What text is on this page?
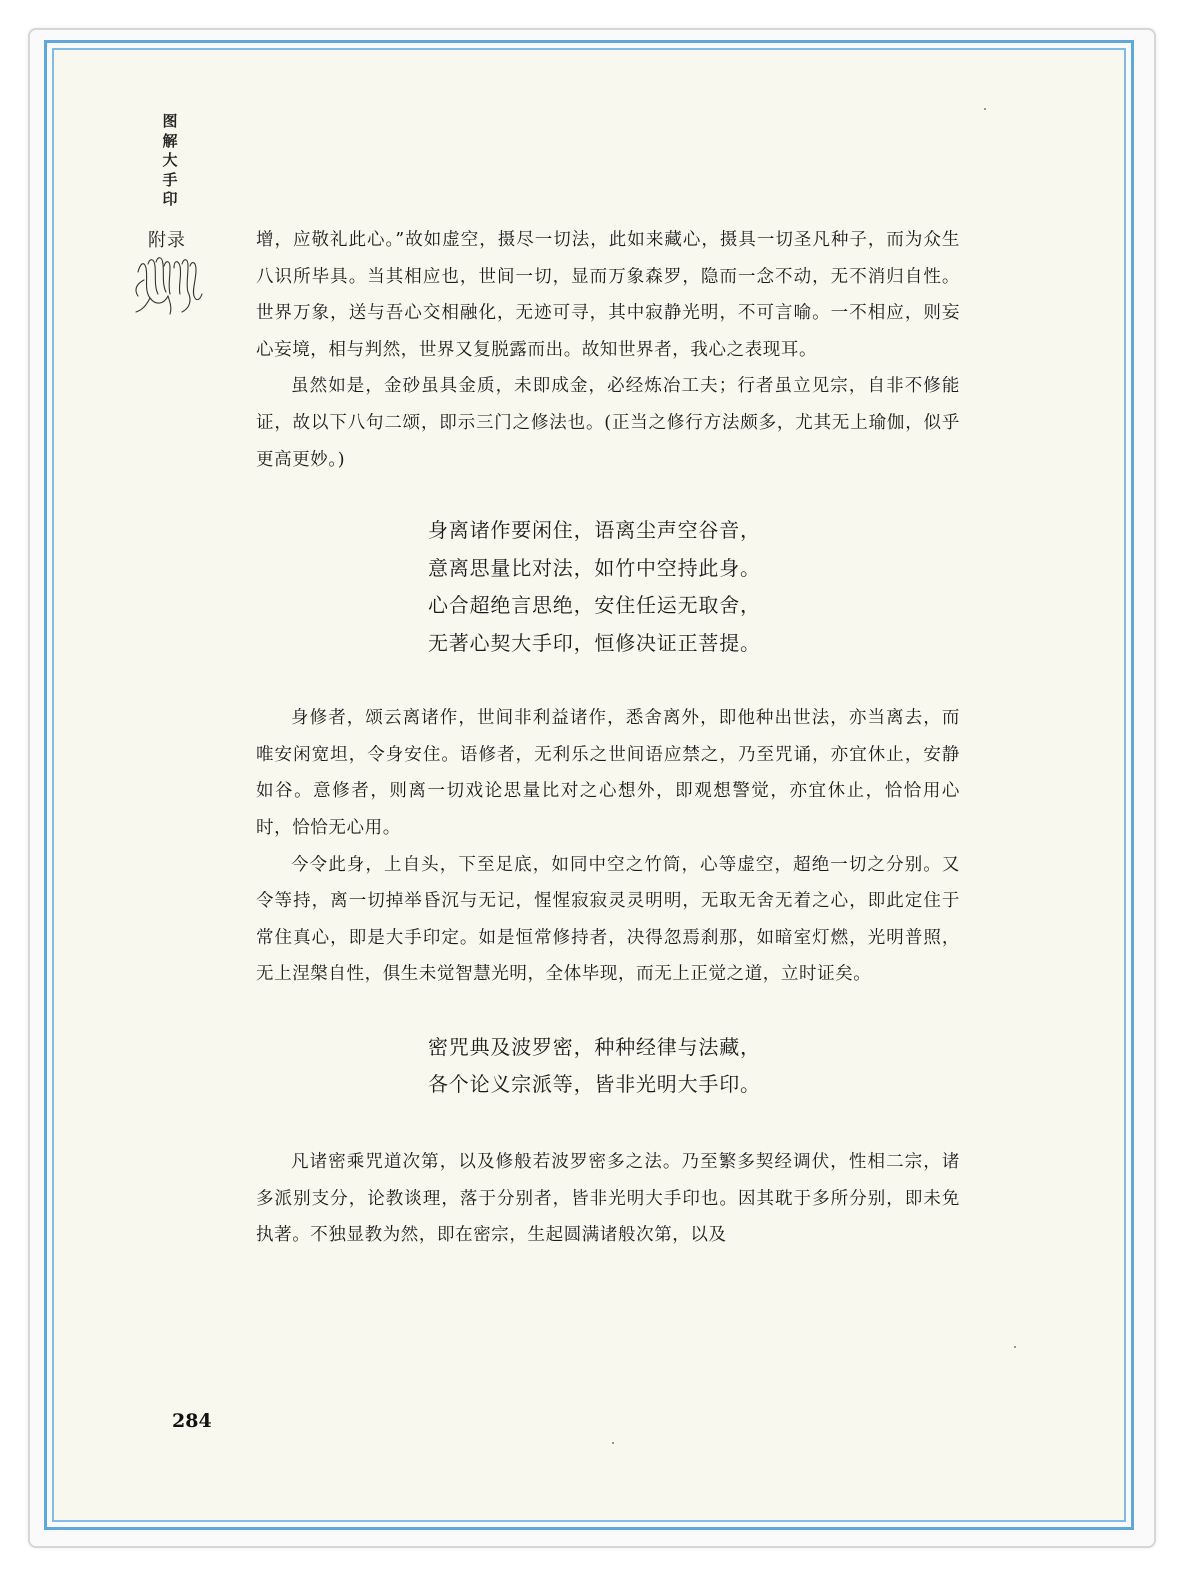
图解大手印
附录	增，应敬礼此心。”故如虚空，摄尽一切法，此如来藏心，摄具一切圣凡种子，而为众生八识所毕具。当其相应也，世间一切，显而万象森罗，隐而一念不动，无不消归自性。世界万象，送与吾心交相融化，无迹可寻，其中寂静光明，不可言喻。一不相应，则妄心妄境，相与判然，世界又复脱露而出。故知世界者，我心之表现耳。

虽然如是，金砂虽具金质，未即成金，必经炼冶工夫；行者虽立见宗，自非不修能证，故以下八句二颂，即示三门之修法也。(正当之修行方法颇多，尤其无上瑜伽，似乎更高更妙。)

身离诸作要闲住，语离尘声空谷音，

意离思量比对法，如竹中空持此身。

心合超绝言思绝，安住任运无取舍，

无著心契大手印，恒修决证正菩提。

身修者，颂云离诸作，世间非利益诸作，悉舍离外，即他种出世法，亦当离去，而唯安闲宽坦，令身安住。语修者，无利乐之世间语应禁之，乃至咒诵，亦宜休止，安静如谷。意修者，则离一切戏论思量比对之心想外，即观想警觉，亦宜休止，恰恰用心时，恰恰无心用。

今令此身，上自头，下至足底，如同中空之竹筒，心等虚空，超绝一切之分别。又令等持，离一切掉举昏沉与无记，惺惺寂寂灵灵明明，无取无舍无着之心，即此定住于常住真心，即是大手印定。如是恒常修持者，决得忽焉刹那，如暗室灯燃，光明普照，无上涅槃自性，俱生未觉智慧光明，全体毕现，而无上正觉之道，立时证矣。

密咒典及波罗密，种种经律与法藏，

各个论义宗派等，皆非光明大手印。

凡诸密乘咒道次第，以及修般若波罗密多之法。乃至繁多契经调伏，性相二宗，诸多派别支分，论教谈理，落于分别者，皆非光明大手印也。因其耽于多所分别，即未免执著。不独显教为然，即在密宗，生起圆满诸般次第，以及

284
